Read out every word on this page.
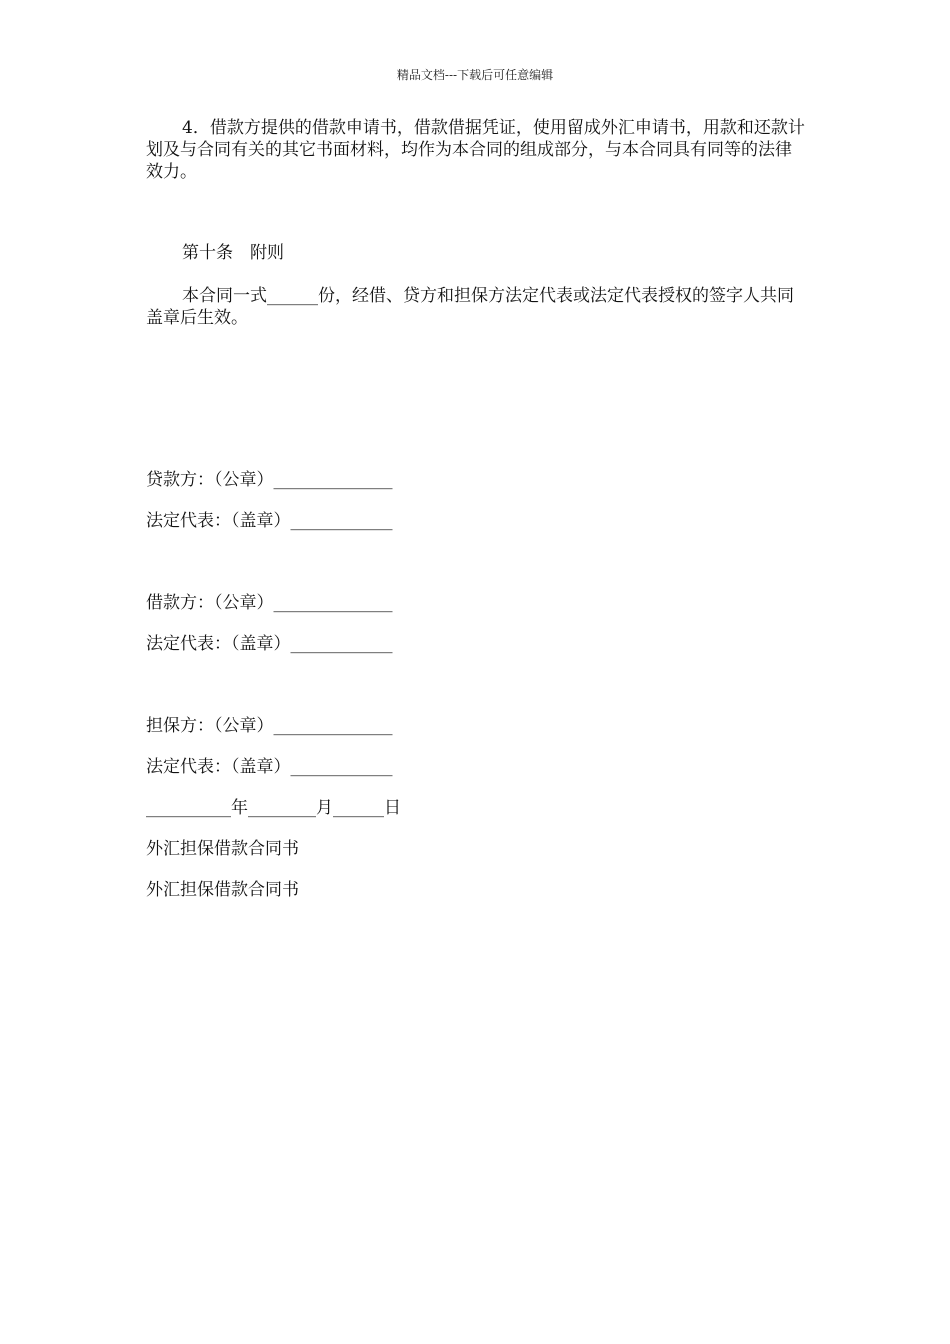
精品文档---下载后可任意编辑

4．借款方提供的借款申请书，借款借据凭证，使用留成外汇申请书，用款和还款计划及与合同有关的其它书面材料，均作为本合同的组成部分，与本合同具有同等的法律效力。

第十条　附则

本合同一式______份，经借、贷方和担保方法定代表或法定代表授权的签字人共同盖章后生效。

贷款方：（公章）______________
法定代表：（盖章）____________
借款方：（公章）______________
法定代表：（盖章）____________
担保方：（公章）______________
法定代表：（盖章）____________
__________年________月______日
外汇担保借款合同书
外汇担保借款合同书
